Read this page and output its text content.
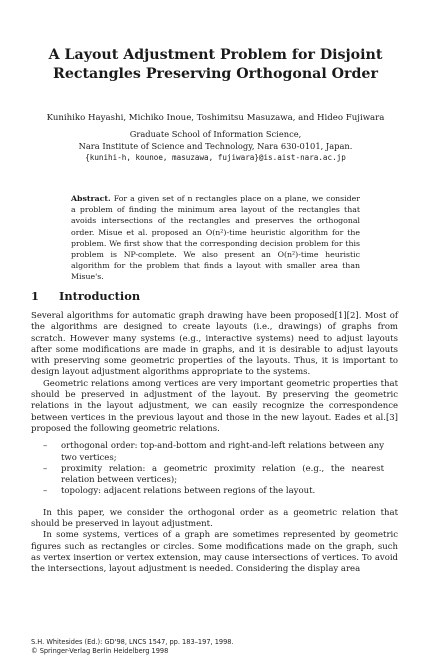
A Layout Adjustment Problem for Disjoint
Rectangles Preserving Orthogonal Order
Kunihiko Hayashi, Michiko Inoue, Toshimitsu Masuzawa, and Hideo Fujiwara
Graduate School of Information Science,
Nara Institute of Science and Technology, Nara 630-0101, Japan.
{kunihi-h, kounoe, masuzawa, fujiwara}@is.aist-nara.ac.jp
Abstract. For a given set of n rectangles place on a plane, we consider a problem of finding the minimum area layout of the rectangles that avoids intersections of the rectangles and preserves the orthogonal order. Misue et al. proposed an O(n²)-time heuristic algorithm for the problem. We first show that the corresponding decision problem for this problem is NP-complete. We also present an O(n²)-time heuristic algorithm for the problem that finds a layout with smaller area than Misue's.
1 Introduction

Several algorithms for automatic graph drawing have been proposed[1][2]. Most of the algorithms are designed to create layouts (i.e., drawings) of graphs from scratch. However many systems (e.g., interactive systems) need to adjust layouts after some modifications are made in graphs, and it is desirable to adjust layouts with preserving some geometric properties of the layouts. Thus, it is important to design layout adjustment algorithms appropriate to the systems.

Geometric relations among vertices are very important geometric properties that should be preserved in adjustment of the layout. By preserving the geometric relations in the layout adjustment, we can easily recognize the correspondence between vertices in the previous layout and those in the new layout. Eades et al.[3] proposed the following geometric relations.

– orthogonal order: top-and-bottom and right-and-left relations between any two vertices;
– proximity relation: a geometric proximity relation (e.g., the nearest relation between vertices);
– topology: adjacent relations between regions of the layout.

In this paper, we consider the orthogonal order as a geometric relation that should be preserved in layout adjustment.

In some systems, vertices of a graph are sometimes represented by geometric figures such as rectangles or circles. Some modifications made on the graph, such as vertex insertion or vertex extension, may cause intersections of vertices. To avoid the intersections, layout adjustment is needed. Considering the display area

S.H. Whitesides (Ed.): GD'98, LNCS 1547, pp. 183–197, 1998.
© Springer-Verlag Berlin Heidelberg 1998
